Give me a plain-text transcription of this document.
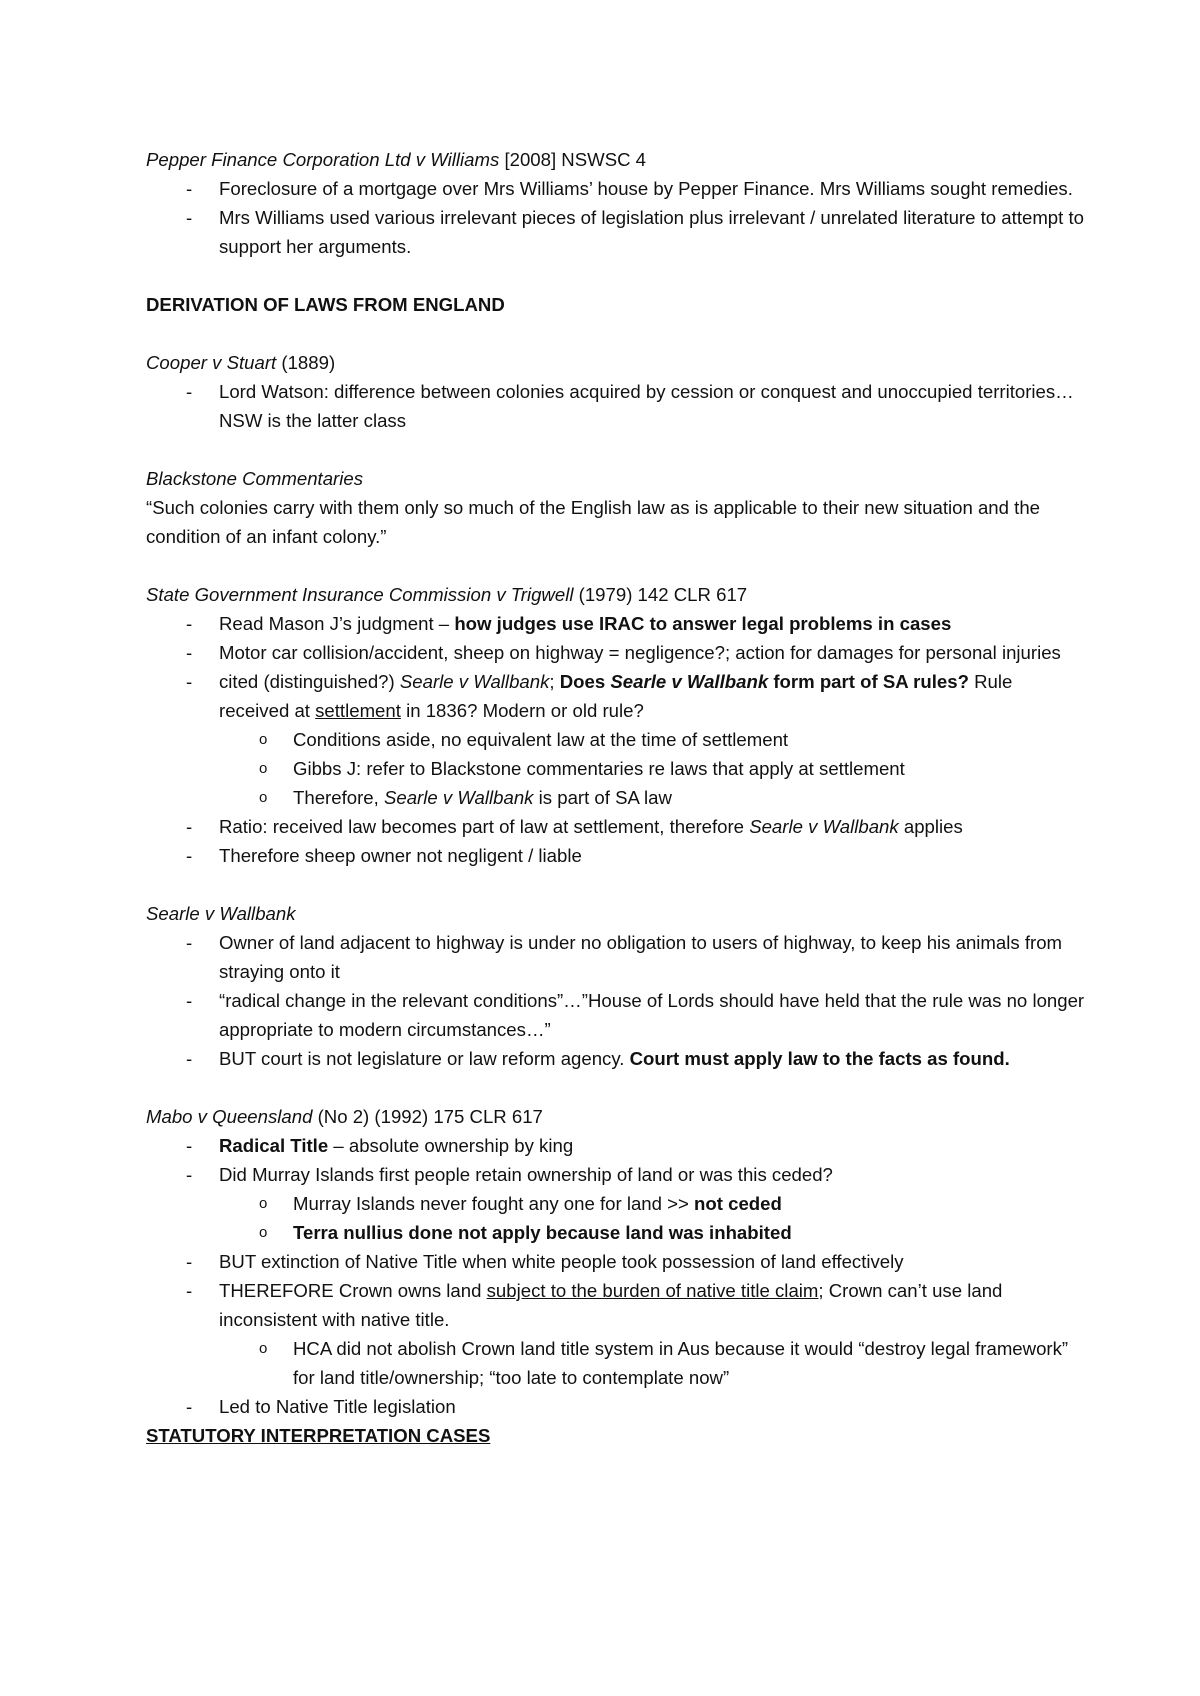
Pepper Finance Corporation Ltd v Williams [2008] NSWSC 4

- Foreclosure of a mortgage over Mrs Williams’ house by Pepper Finance. Mrs Williams sought remedies.
- Mrs Williams used various irrelevant pieces of legislation plus irrelevant / unrelated literature to attempt to support her arguments.

DERIVATION OF LAWS FROM ENGLAND

Cooper v Stuart (1889)

- Lord Watson: difference between colonies acquired by cession or conquest and unoccupied territories… NSW is the latter class

Blackstone Commentaries

“Such colonies carry with them only so much of the English law as is applicable to their new situation and the condition of an infant colony.”

State Government Insurance Commission v Trigwell (1979) 142 CLR 617

- Read Mason J’s judgment – how judges use IRAC to answer legal problems in cases
- Motor car collision/accident, sheep on highway = negligence?; action for damages for personal injuries
- cited (distinguished?) Searle v Wallbank; Does Searle v Wallbank form part of SA rules? Rule received at settlement in 1836? Modern or old rule?
o Conditions aside, no equivalent law at the time of settlement
o Gibbs J: refer to Blackstone commentaries re laws that apply at settlement
o Therefore, Searle v Wallbank is part of SA law
- Ratio: received law becomes part of law at settlement, therefore Searle v Wallbank applies
- Therefore sheep owner not negligent / liable

Searle v Wallbank

- Owner of land adjacent to highway is under no obligation to users of highway, to keep his animals from straying onto it
- “radical change in the relevant conditions”…”House of Lords should have held that the rule was no longer appropriate to modern circumstances…”
- BUT court is not legislature or law reform agency. Court must apply law to the facts as found.

Mabo v Queensland (No 2) (1992) 175 CLR 617

- Radical Title – absolute ownership by king
- Did Murray Islands first people retain ownership of land or was this ceded?
o Murray Islands never fought any one for land >> not ceded
o Terra nullius done not apply because land was inhabited
- BUT extinction of Native Title when white people took possession of land effectively
- THEREFORE Crown owns land subject to the burden of native title claim; Crown can’t use land inconsistent with native title.
o HCA did not abolish Crown land title system in Aus because it would “destroy legal framework” for land title/ownership; “too late to contemplate now”
- Led to Native Title legislation

STATUTORY INTERPRETATION CASES
